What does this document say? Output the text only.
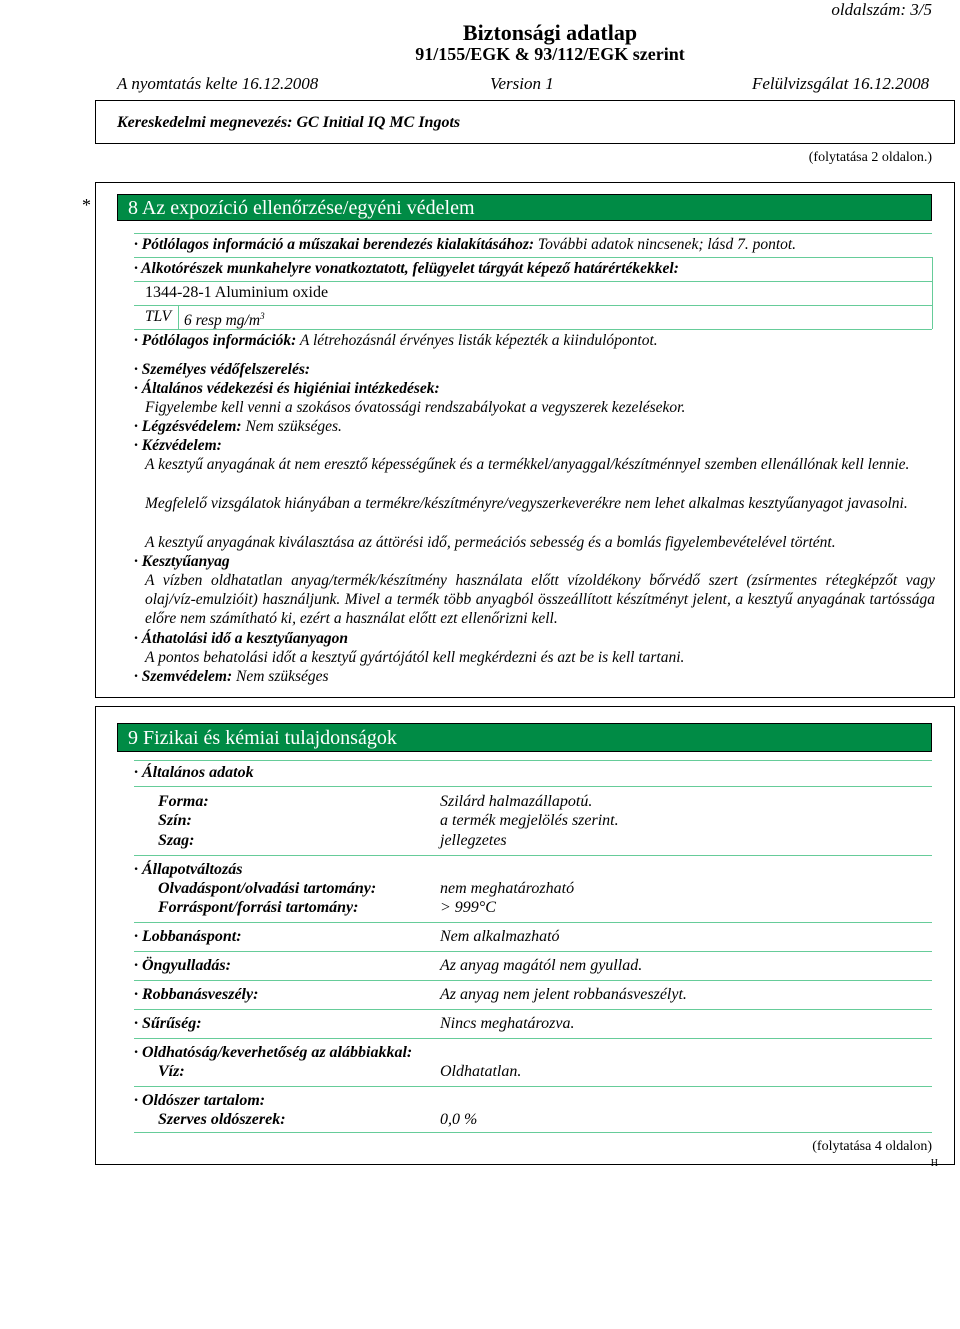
oldalszám: 3/5
Biztonsági adatlap
91/155/EGK & 93/112/EGK szerint
A nyomtatás kelte 16.12.2008	Version 1	Felülvizsgálat 16.12.2008
Kereskedelmi megnevezés: GC Initial IQ MC Ingots
(folytatása 2 oldalon.)
*	8 Az expozíció ellenőrzése/egyéni védelem
· Pótlólagos információ a műszakai berendezés kialakításához: További adatok nincsenek; lásd 7. pontot.
· Alkotórészek munkahelyre vonatkoztatott, felügyelet tárgyát képező határértékekkel:
1344-28-1 Aluminium oxide
TLV 6 resp $mg/m^3$
· Pótlólagos információk: A létrehozásnál érvényes listák képezték a kiindulópontot.
· Személyes védőfelszerelés:
· Általános védekezési és higiéniai intézkedések:
Figyelembe kell venni a szokásos óvatossági rendszabályokat a vegyszerek kezelésekor.
· Légzésvédelem: Nem szükséges.
· Kézvédelem:
A kesztyű anyagának át nem eresztő képességűnek és a termékkel/anyaggal/készítménnyel szemben ellenállónak kell lennie.
Megfelelő vizsgálatok hiányában a termékre/készítményre/vegyszerkeverékre nem lehet alkalmas kesztyűanyagot javasolni.
A kesztyű anyagának kiválasztása az áttörési idő, permeációs sebesség és a bomlás figyelembevételével történt.
· Kesztyűanyag
A vízben oldhatatlan anyag/termék/készítmény használata előtt vízoldékony bőrvédő szert (zsírmentes rétegképzőt vagy olaj/víz-emulzióit) használjunk. Mivel a termék több anyagból összeállított készítményt jelent, a kesztyű anyagának tartóssága előre nem számítható ki, ezért a használat előtt ezt ellenőrizni kell.
· Áthatolási idő a kesztyűanyagon
A pontos behatolási időt a kesztyű gyártójától kell megkérdezni és azt be is kell tartani.
· Szemvédelem: Nem szükséges
9 Fizikai és kémiai tulajdonságok
· Általános adatok
Forma:	Szilárd halmazállapotú.
Szín:	a termék megjelölés szerint.
Szag:	jellegzetes
· Állapotváltozás
Olvadáspont/olvadási tartomány:	nem meghatározható
Forráspont/forrási tartomány:	> 999°C
· Lobbanáspont:	Nem alkalmazható
· Öngyulladás:	Az anyag magától nem gyullad.
· Robbanásveszély:	Az anyag nem jelent robbanásveszélyt.
· Sűrűség:	Nincs meghatározva.
· Oldhatóság/keverhetőség az alábbiakkal:
Víz:	Oldhatatlan.
· Oldószer tartalom:
Szerves oldószerek:	0,0 %
(folytatása 4 oldalon)
H
